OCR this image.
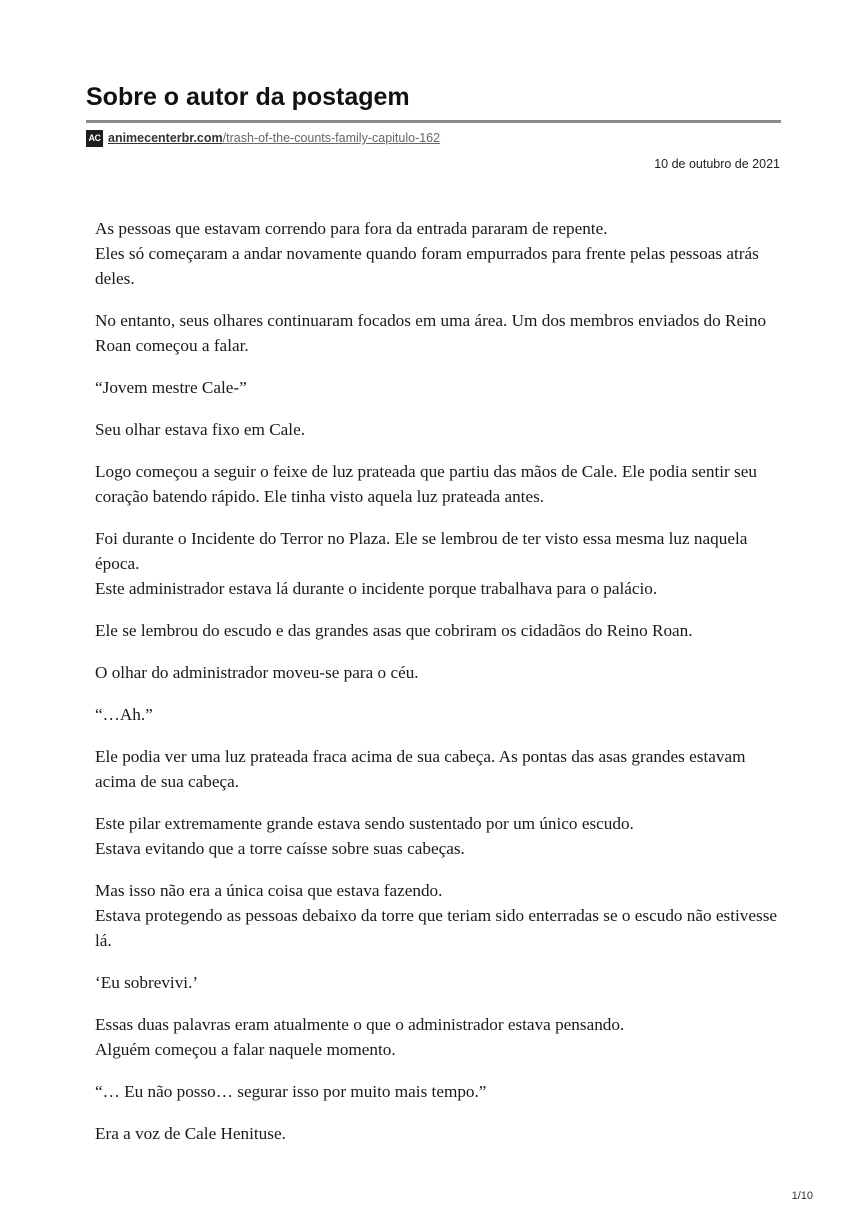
Sobre o autor da postagem
AC animecenterbr.com /trash-of-the-counts-family-capitulo-162
10 de outubro de 2021

As pessoas que estavam correndo para fora da entrada pararam de repente.
Eles só começaram a andar novamente quando foram empurrados para frente pelas pessoas atrás deles.

No entanto, seus olhares continuaram focados em uma área. Um dos membros enviados do Reino Roan começou a falar.

“Jovem mestre Cale-”

Seu olhar estava fixo em Cale.

Logo começou a seguir o feixe de luz prateada que partiu das mãos de Cale. Ele podia sentir seu coração batendo rápido. Ele tinha visto aquela luz prateada antes.

Foi durante o Incidente do Terror no Plaza. Ele se lembrou de ter visto essa mesma luz naquela época.
Este administrador estava lá durante o incidente porque trabalhava para o palácio.

Ele se lembrou do escudo e das grandes asas que cobriram os cidadãos do Reino Roan.

O olhar do administrador moveu-se para o céu.

“…Ah.”

Ele podia ver uma luz prateada fraca acima de sua cabeça. As pontas das asas grandes estavam acima de sua cabeça.

Este pilar extremamente grande estava sendo sustentado por um único escudo.
Estava evitando que a torre caísse sobre suas cabeças.

Mas isso não era a única coisa que estava fazendo.
Estava protegendo as pessoas debaixo da torre que teriam sido enterradas se o escudo não estivesse lá.

‘Eu sobrevivi.’

Essas duas palavras eram atualmente o que o administrador estava pensando.
Alguém começou a falar naquele momento.

“… Eu não posso… segurar isso por muito mais tempo.”

Era a voz de Cale Henituse.

1/10
